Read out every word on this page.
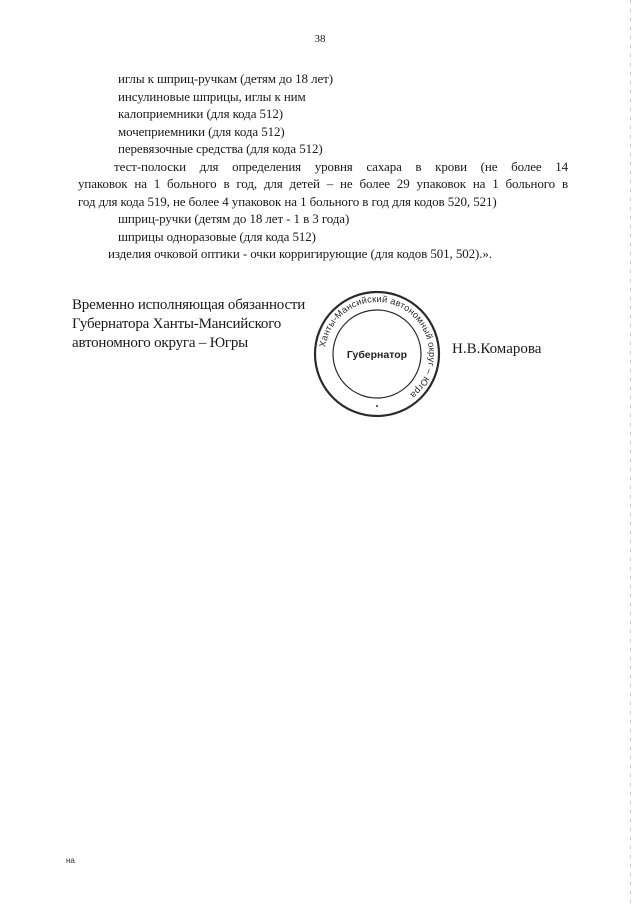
38
иглы к шприц-ручкам (детям до 18 лет)
инсулиновые шприцы, иглы к ним
калоприемники (для кода 512)
мочеприемники (для кода 512)
перевязочные средства (для кода 512)
тест-полоски для определения уровня сахара в крови (не более 14
упаковок на 1 больного в год, для детей – не более 29 упаковок на 1 больного в
год для кода 519, не более 4 упаковок на 1 больного в год для кодов 520, 521)
шприц-ручки (детям до 18 лет - 1 в 3 года)
шприцы одноразовые (для кода 512)
изделия очковой оптики - очки корригирующие (для кодов 501, 502).».
Временно исполняющая обязанности
Губернатора Ханты-Мансийского
автономного округа – Югры	Ханты-Мансийский автономный округ – Югра
Губернатор	Н.В.Комарова
на
